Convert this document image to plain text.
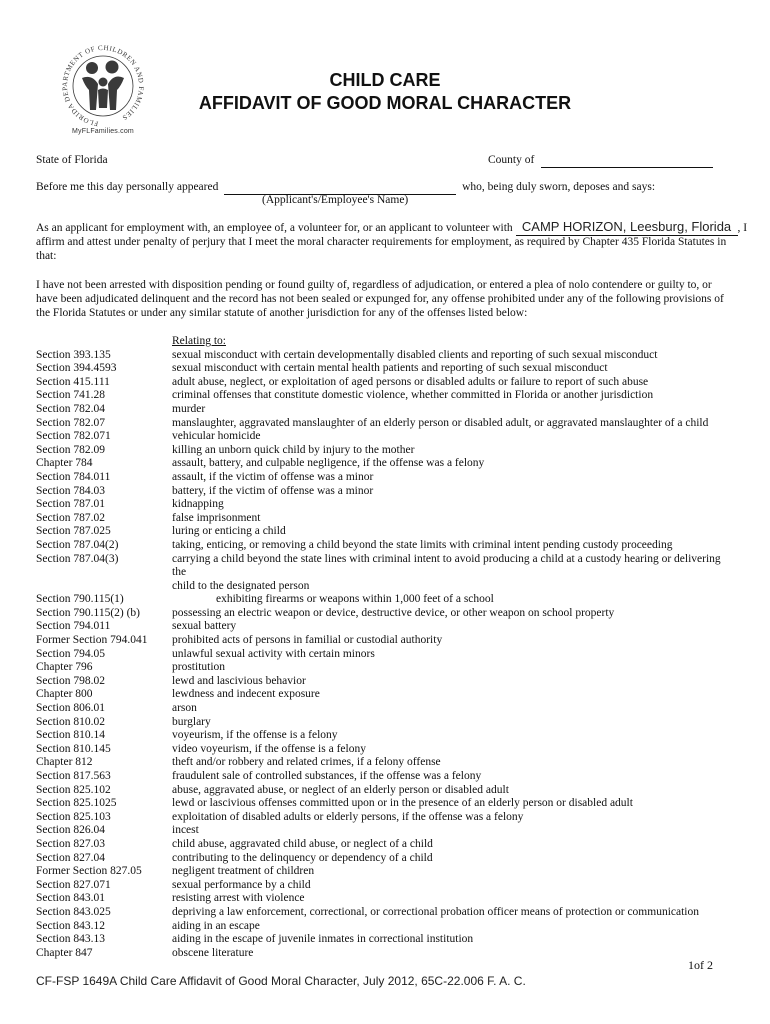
FLORIDA DEPARTMENT OF CHILDREN AND FAMILIES
MyFLFamilies.com
CHILD CARE
AFFIDAVIT OF GOOD MORAL CHARACTER
State of Florida	County of
Before me this day personally appeared	who, being duly sworn, deposes and says:
(Applicant's/Employee's Name)
As an applicant for employment with, an employee of, a volunteer for, or an applicant to volunteer with CAMP HORIZON, Leesburg, Florida , I
affirm and attest under penalty of perjury that I meet the moral character requirements for employment, as required by Chapter 435 Florida Statutes in
that:
I have not been arrested with disposition pending or found guilty of, regardless of adjudication, or entered a plea of nolo contendere or guilty to, or have been adjudicated delinquent and the record has not been sealed or expunged for, any offense prohibited under any of the following provisions of the Florida Statutes or under any similar statute of another jurisdiction for any of the offenses listed below:
Relating to:
Section 393.135	sexual misconduct with certain developmentally disabled clients and reporting of such sexual misconduct
Section 394.4593	sexual misconduct with certain mental health patients and reporting of such sexual misconduct
Section 415.111	adult abuse, neglect, or exploitation of aged persons or disabled adults or failure to report of such abuse
Section 741.28	criminal offenses that constitute domestic violence, whether committed in Florida or another jurisdiction
Section 782.04	murder
Section 782.07	manslaughter, aggravated manslaughter of an elderly person or disabled adult, or aggravated manslaughter of a child
Section 782.071	vehicular homicide
Section 782.09	killing an unborn quick child by injury to the mother
Chapter 784	assault, battery, and culpable negligence, if the offense was a felony
Section 784.011	assault, if the victim of offense was a minor
Section 784.03	battery, if the victim of offense was a minor
Section 787.01	kidnapping
Section 787.02	false imprisonment
Section 787.025	luring or enticing a child
Section 787.04(2)	taking, enticing, or removing a child beyond the state limits with criminal intent pending custody proceeding
Section 787.04(3)	carrying a child beyond the state lines with criminal intent to avoid producing a child at a custody hearing or delivering the
child to the designated person
Section 790.115(1)	exhibiting firearms or weapons within 1,000 feet of a school
Section 790.115(2) (b)	possessing an electric weapon or device, destructive device, or other weapon on school property
Section 794.011	sexual battery
Former Section 794.041	prohibited acts of persons in familial or custodial authority
Section 794.05	unlawful sexual activity with certain minors
Chapter 796	prostitution
Section 798.02	lewd and lascivious behavior
Chapter 800	lewdness and indecent exposure
Section 806.01	arson
Section 810.02	burglary
Section 810.14	voyeurism, if the offense is a felony
Section 810.145	video voyeurism, if the offense is a felony
Chapter 812	theft and/or robbery and related crimes, if a felony offense
Section 817.563	fraudulent sale of controlled substances, if the offense was a felony
Section 825.102	abuse, aggravated abuse, or neglect of an elderly person or disabled adult
Section 825.1025	lewd or lascivious offenses committed upon or in the presence of an elderly person or disabled adult
Section 825.103	exploitation of disabled adults or elderly persons, if the offense was a felony
Section 826.04	incest
Section 827.03	child abuse, aggravated child abuse, or neglect of a child
Section 827.04	contributing to the delinquency or dependency of a child
Former Section 827.05	negligent treatment of children
Section 827.071	sexual performance by a child
Section 843.01	resisting arrest with violence
Section 843.025	depriving a law enforcement, correctional, or correctional probation officer means of protection or communication
Section 843.12	aiding in an escape
Section 843.13	aiding in the escape of juvenile inmates in correctional institution
Chapter 847	obscene literature
1of 2
CF-FSP 1649A Child Care Affidavit of Good Moral Character, July 2012, 65C-22.006 F. A. C.
